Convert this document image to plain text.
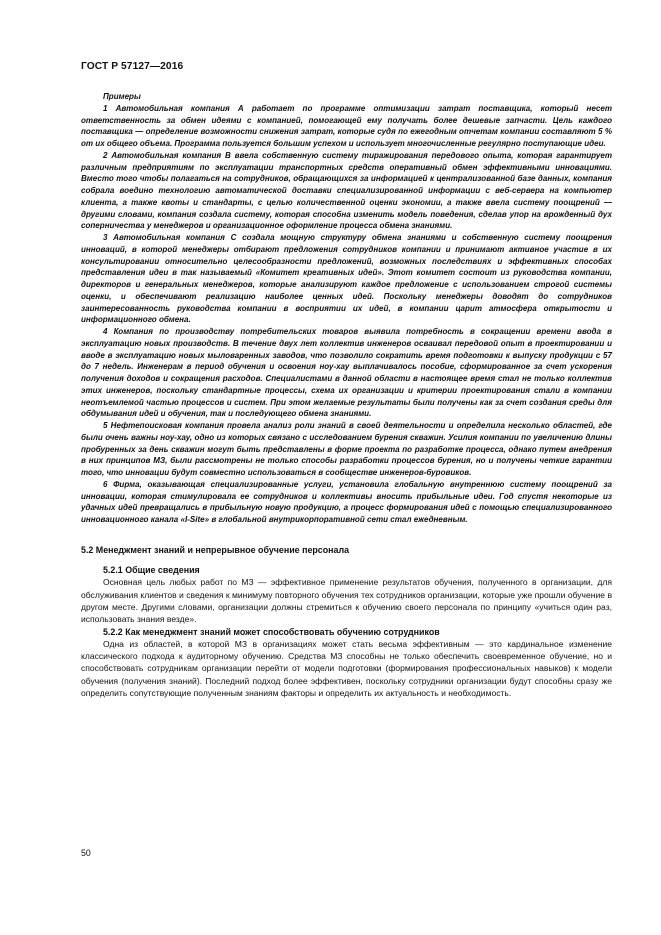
ГОСТ Р 57127—2016

Примеры

1 Автомобильная компания А работает по программе оптимизации затрат поставщика, который несет ответственность за обмен идеями с компанией, помогающей ему получать более дешевые запчасти. Цель каждого поставщика — определение возможности снижения затрат, которые судя по ежегодным отчетам компании составляют 5 % от их общего объема. Программа пользуется большим успехом и использует многочисленные регулярно поступающие идеи.

2 Автомобильная компания В ввела собственную систему тиражирования передового опыта, которая гарантирует различным предприятиям по эксплуатации транспортных средств оперативный обмен эффективными инновациями. Вместо того чтобы полагаться на сотрудников, обращающихся за информацией к централизованной базе данных, компания собрала воедино технологию автоматической доставки специализированной информации с веб-сервера на компьютер клиента, а также квоты и стандарты, с целью количественной оценки экономии, а также ввела систему поощрений — другими словами, компания создала систему, которая способна изменить модель поведения, сделав упор на врожденный дух соперничества у менеджеров и организационное оформление процесса обмена знаниями.

3 Автомобильная компания С создала мощную структуру обмена знаниями и собственную систему поощрения инноваций, в которой менеджеры отбирают предложения сотрудников компании и принимают активное участие в их консультировании относительно целесообразности предложений, возможных последствиях и эффективных способах представления идеи в так называемый «Комитет креативных идей». Этот комитет состоит из руководства компании, директоров и генеральных менеджеров, которые анализируют каждое предложение с использованием строгой системы оценки, и обеспечивают реализацию наиболее ценных идей. Поскольку менеджеры доводят до сотрудников заинтересованность руководства компании в восприятии их идей, в компании царит атмосфера открытости и информационного обмена.

4 Компания по производству потребительских товаров выявила потребность в сокращении времени ввода в эксплуатацию новых производств. В течение двух лет коллектив инженеров осваивал передовой опыт в проектировании и вводе в эксплуатацию новых мыловаренных заводов, что позволило сократить время подготовки к выпуску продукции с 57 до 7 недель. Инженерам в период обучения и освоения ноу-хау выплачивалось пособие, сформированное за счет ускорения получения доходов и сокращения расходов. Специалистами в данной области в настоящее время стал не только коллектив этих инженеров, поскольку стандартные процессы, схема их организации и критерии проектирования стали в компании неотъемлемой частью процессов и систем. При этом желаемые результаты были получены как за счет создания среды для обдумывания идей и обучения, так и последующего обмена знаниями.

5 Нефтепоисковая компания провела анализ роли знаний в своей деятельности и определила несколько областей, где были очень важны ноу-хау, одно из которых связано с исследованием бурения скважин. Усилия компании по увеличению длины пробуренных за день скважин могут быть представлены в форме проекта по разработке процесса, однако путем внедрения в них принципов МЗ, были рассмотрены не только способы разработки процессов бурения, но и получены четкие гарантии того, что инновации будут совместно использоваться в сообществе инженеров-буровиков.

6 Фирма, оказывающая специализированные услуги, установила глобальную внутреннюю систему поощрений за инновации, которая стимулировала ее сотрудников и коллективы вносить прибыльные идеи. Год спустя некоторые из удачных идей превращались в прибыльную новую продукцию, а процесс формирования идей с помощью специализированного инновационного канала «I-Site» в глобальной внутрикорпоративной сети стал ежедневным.

5.2 Менеджмент знаний и непрерывное обучение персонала
5.2.1 Общие сведения

Основная цель любых работ по МЗ — эффективное применение результатов обучения, полученного в организации, для обслуживания клиентов и сведения к минимуму повторного обучения тех сотрудников организации, которые уже прошли обучение в другом месте. Другими словами, организации должны стремиться к обучению своего персонала по принципу «учиться один раз, использовать знания везде».

5.2.2 Как менеджмент знаний может способствовать обучению сотрудников

Одна из областей, в которой МЗ в организациях может стать весьма эффективным — это кардинальное изменение классического подхода к аудиторному обучению. Средства МЗ способны не только обеспечить своевременное обучение, но и способствовать сотрудникам организации перейти от модели подготовки (формирования профессиональных навыков) к модели обучения (получения знаний). Последний подход более эффективен, поскольку сотрудники организации будут способны сразу же определить сопутствующие полученным знаниям факторы и определить их актуальность и необходимость.

50
